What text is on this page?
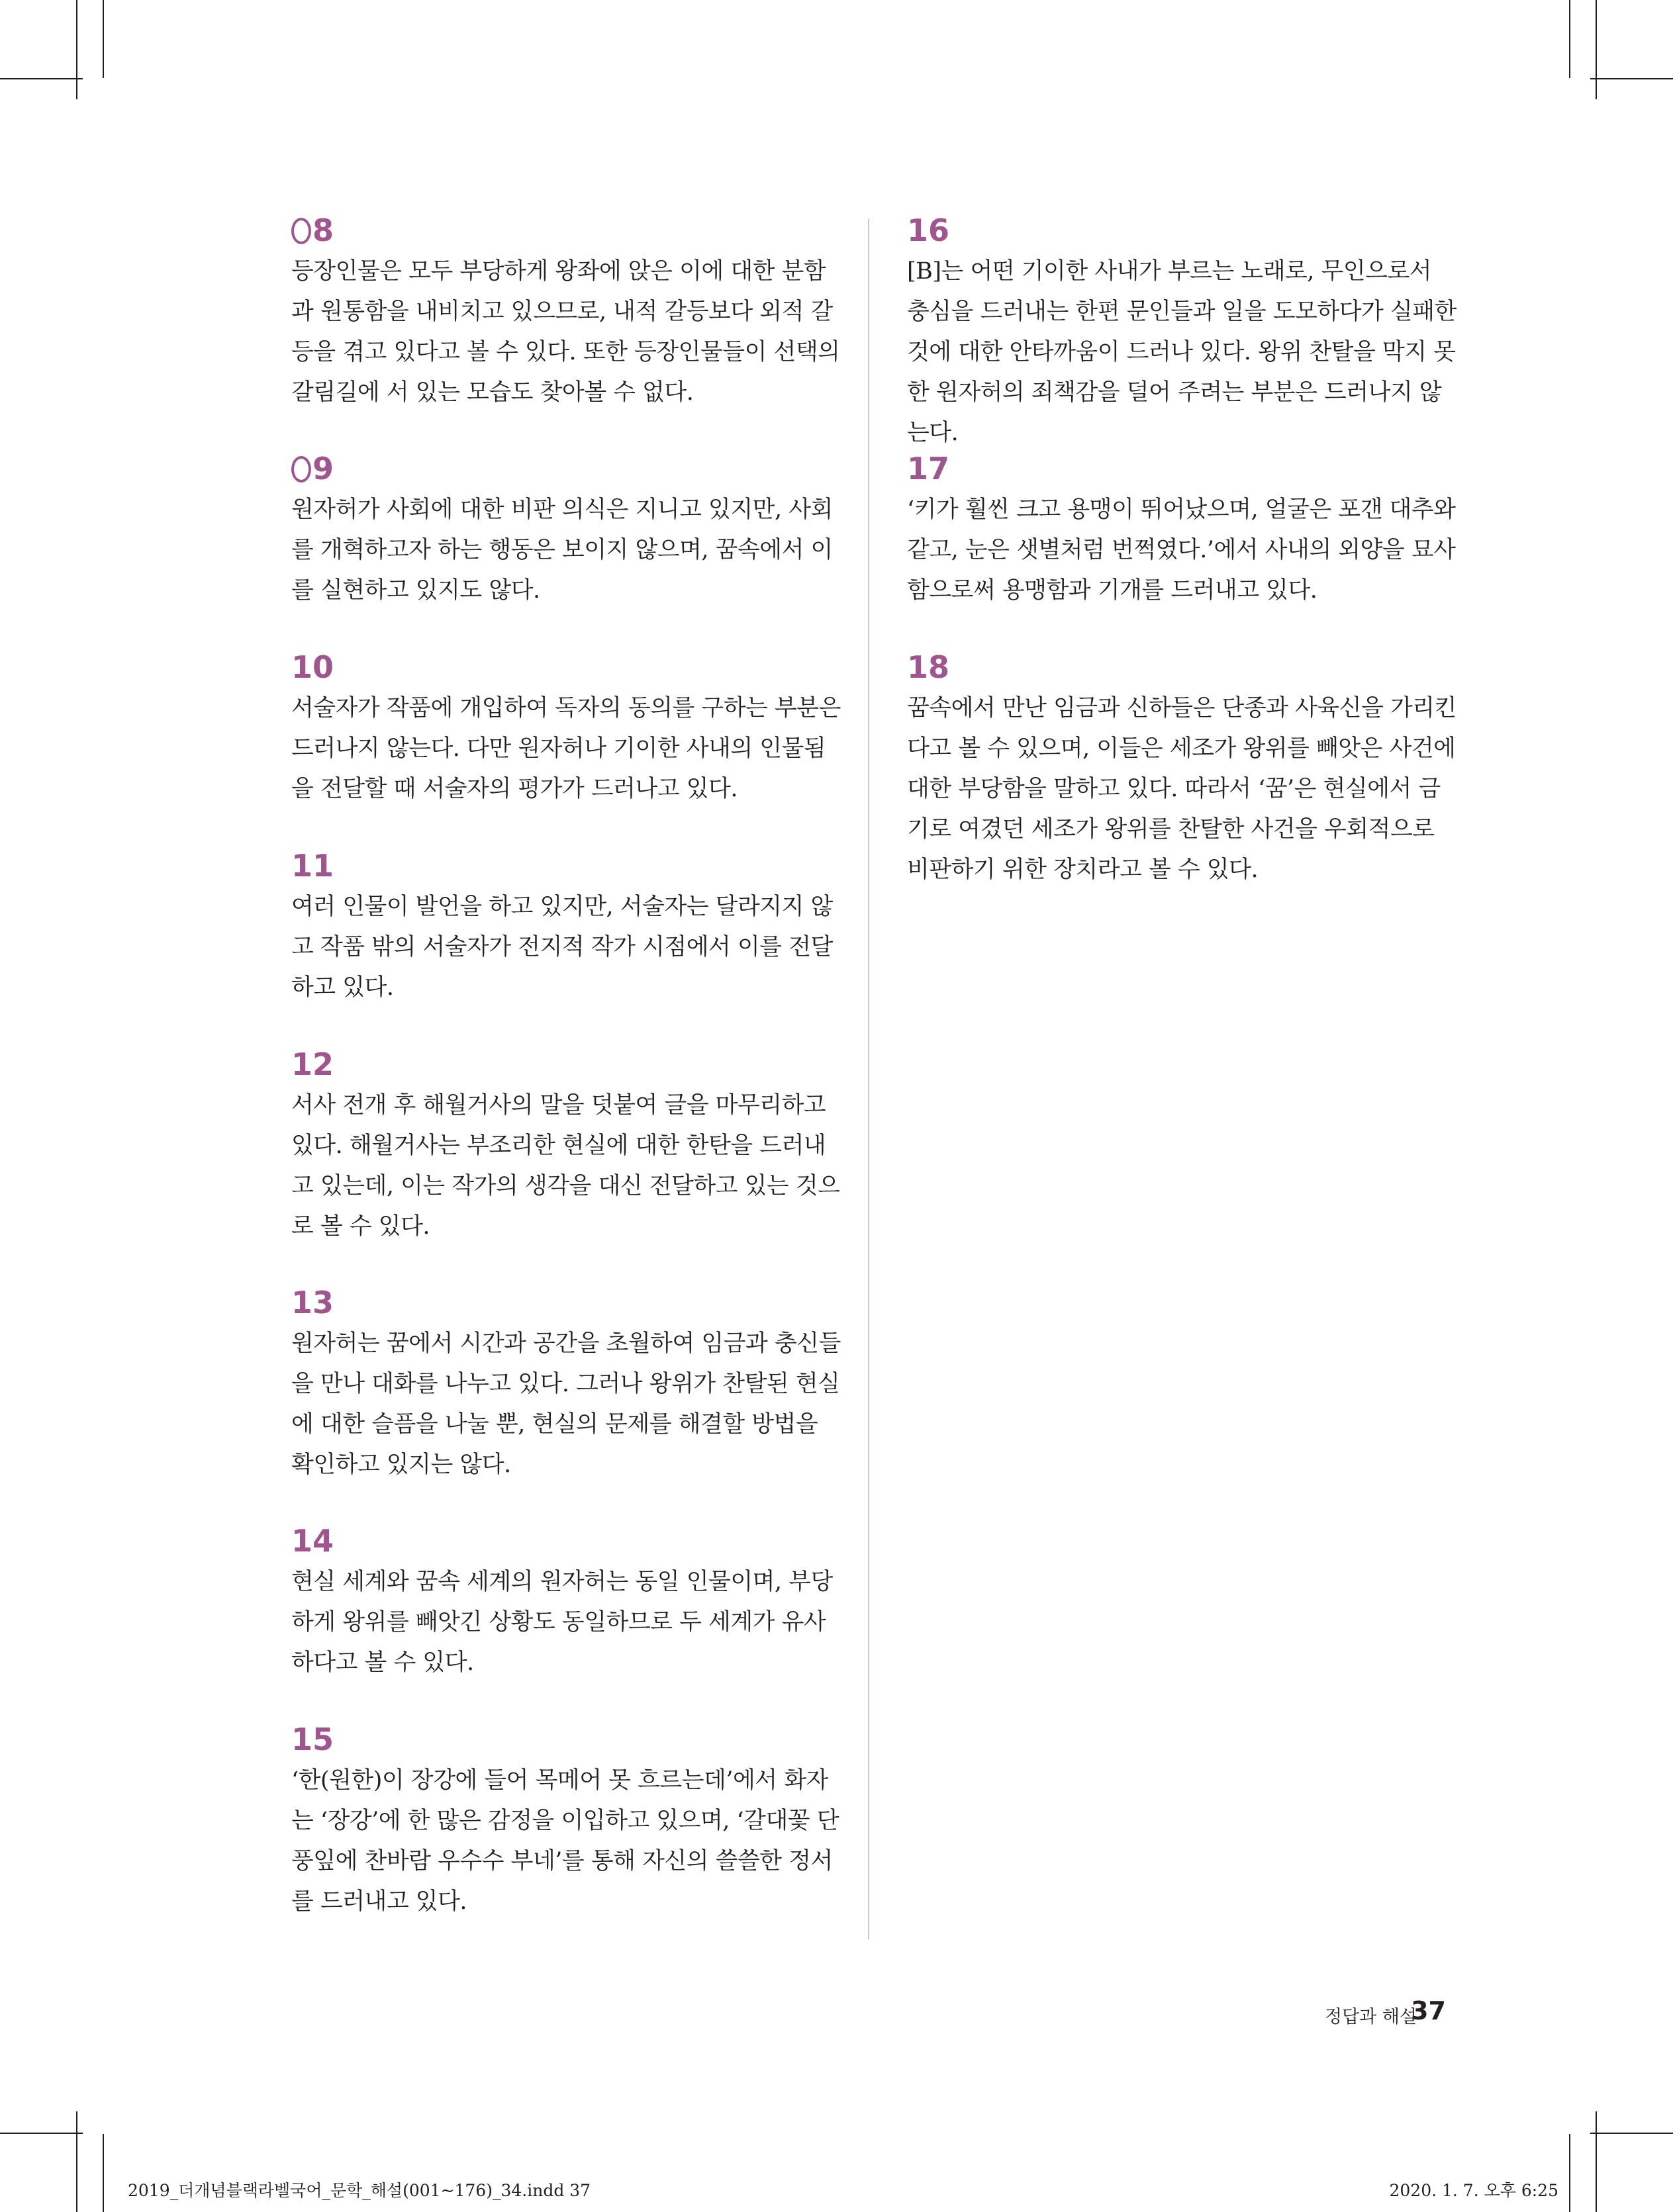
8

등장인물은 모두 부당하게 왕좌에 앉은 이에 대한 분함과 원통함을 내비치고 있으므로, 내적 갈등보다 외적 갈등을 겪고 있다고 볼 수 있다. 또한 등장인물들이 선택의 갈림길에 서 있는 모습도 찾아볼 수 없다.

9

원자허가 사회에 대한 비판 의식은 지니고 있지만, 사회를 개혁하고자 하는 행동은 보이지 않으며, 꿈속에서 이를 실현하고 있지도 않다.

10

서술자가 작품에 개입하여 독자의 동의를 구하는 부분은 드러나지 않는다. 다만 원자허나 기이한 사내의 인물됨을 전달할 때 서술자의 평가가 드러나고 있다.

11

여러 인물이 발언을 하고 있지만, 서술자는 달라지지 않고 작품 밖의 서술자가 전지적 작가 시점에서 이를 전달하고 있다.

12

서사 전개 후 해월거사의 말을 덧붙여 글을 마무리하고 있다. 해월거사는 부조리한 현실에 대한 한탄을 드러내고 있는데, 이는 작가의 생각을 대신 전달하고 있는 것으로 볼 수 있다.

13

원자허는 꿈에서 시간과 공간을 초월하여 임금과 충신들을 만나 대화를 나누고 있다. 그러나 왕위가 찬탈된 현실에 대한 슬픔을 나눌 뿐, 현실의 문제를 해결할 방법을 확인하고 있지는 않다.

14

현실 세계와 꿈속 세계의 원자허는 동일 인물이며, 부당하게 왕위를 빼앗긴 상황도 동일하므로 두 세계가 유사하다고 볼 수 있다.

15

‘한(원한)이 장강에 들어 목메어 못 흐르는데’에서 화자는 ‘장강’에 한 많은 감정을 이입하고 있으며, ‘갈대꽃 단풍잎에 찬바람 우수수 부네’를 통해 자신의 쓸쓸한 정서를 드러내고 있다.

16

[B]는 어떤 기이한 사내가 부르는 노래로, 무인으로서 충심을 드러내는 한편 문인들과 일을 도모하다가 실패한 것에 대한 안타까움이 드러나 있다. 왕위 찬탈을 막지 못한 원자허의 죄책감을 덜어 주려는 부분은 드러나지 않는다.

17

‘키가 훨씬 크고 용맹이 뛰어났으며, 얼굴은 포갠 대추와 같고, 눈은 샛별처럼 번쩍였다.’에서 사내의 외양을 묘사함으로써 용맹함과 기개를 드러내고 있다.

18

꿈속에서 만난 임금과 신하들은 단종과 사육신을 가리킨다고 볼 수 있으며, 이들은 세조가 왕위를 빼앗은 사건에 대한 부당함을 말하고 있다. 따라서 ‘꿈’은 현실에서 금기로 여겼던 세조가 왕위를 찬탈한 사건을 우회적으로 비판하기 위한 장치라고 볼 수 있다.

정답과 해설
37
2019_더개념블랙라벨국어_문학_해설(001~176)_34.indd 37	2020. 1. 7. 오후 6:25
